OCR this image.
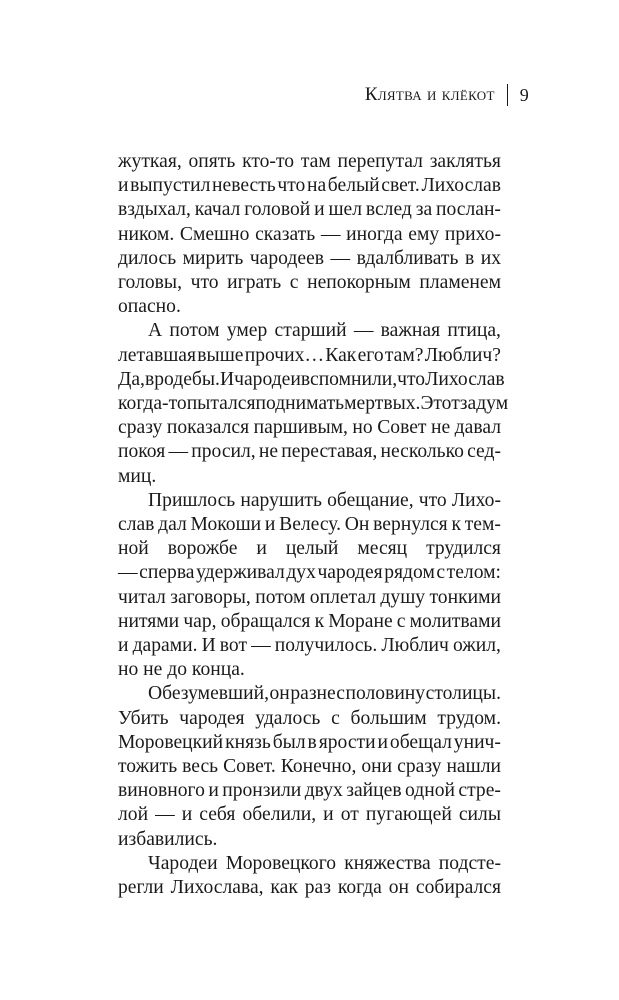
Клятва и клёкот 9
жуткая, опять кто-то там перепутал заклятья
и выпустил невесть что на белый свет. Лихослав
вздыхал, качал головой и шел вслед за послан-
ником. Смешно сказать — иногда ему прихо-
дилось мирить чародеев — вдалбливать в их
головы, что играть с непокорным пламенем
опасно.
А потом умер старший — важная птица,
летавшая выше прочих… Как его там? Люблич?
Да, вроде бы. И чародеи вспомнили, что Лихослав
когда-то пытался поднимать мертвых. Этот задум
сразу показался паршивым, но Совет не давал
покоя — просил, не переставая, несколько сед-
миц.
Пришлось нарушить обещание, что Лихо-
слав дал Мокоши и Велесу. Он вернулся к тем-
ной ворожбе и целый месяц трудился
— сперва удерживал дух чародея рядом с телом:
читал заговоры, потом оплетал душу тонкими
нитями чар, обращался к Моране с молитвами
и дарами. И вот — получилось. Люблич ожил,
но не до конца.
Обезумевший, он разнес половину столицы.
Убить чародея удалось с большим трудом.
Моровецкий князь был в ярости и обещал унич-
тожить весь Совет. Конечно, они сразу нашли
виновного и пронзили двух зайцев одной стре-
лой — и себя обелили, и от пугающей силы
избавились.
Чародеи Моровецкого княжества подсте-
регли Лихослава, как раз когда он собирался
